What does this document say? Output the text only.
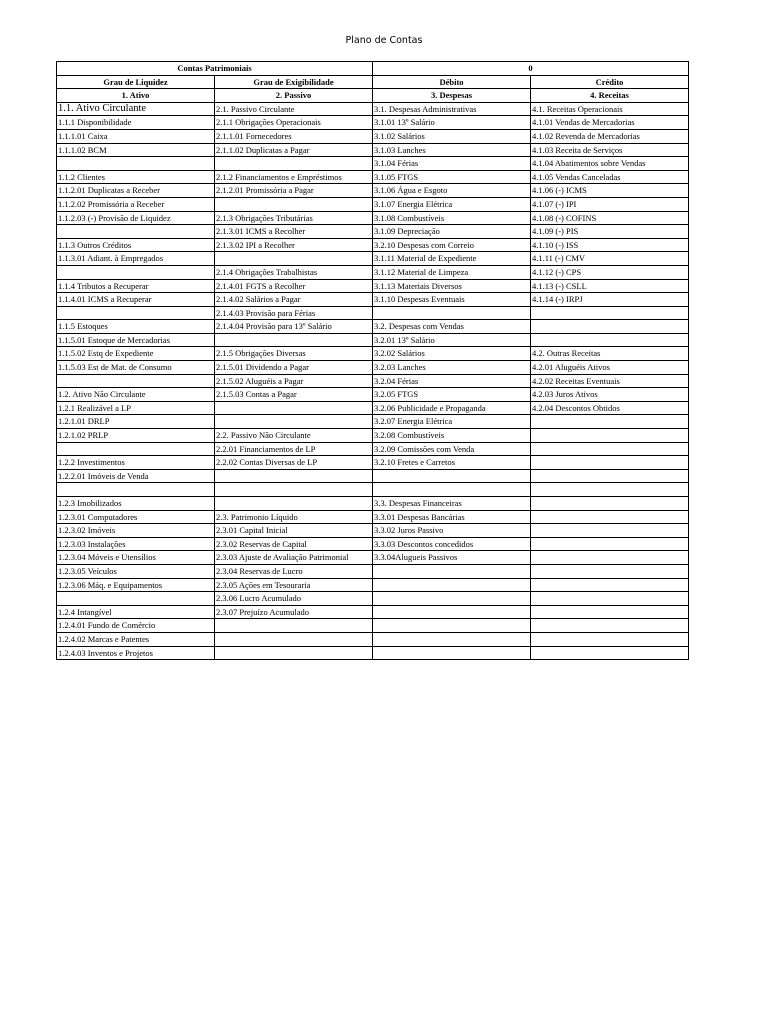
Plano de Contas
Contas Patrimoniais		0	
Grau de Liquidez	Grau de Exigibilidade	Débito	Crédito
1. Ativo	2. Passivo	3. Despesas	4. Receitas
1.1. Ativo Circulante	2.1. Passivo Circulante	3.1. Despesas Administrativas	4.1. Receitas Operacionais
1.1.1 Disponibilidade	2.1.1 Obrigações Operacionais	3.1.01 13º Salário	4.1.01 Vendas de Mercadorias
1.1.1.01 Caixa	2.1.1.01 Fornecedores	3.1.02 Salários	4.1.02 Revenda de Mercadorias
1.1.1.02 BCM	2.1.1.02 Duplicatas a Pagar	3.1.03 Lanches	4.1.03 Receita de Serviços
		3.1.04 Férias	4.1.04 Abatimentos sobre Vendas
1.1.2 Clientes	2.1.2 Financiamentos e Empréstimos	3.1.05 FTGS	4.1.05 Vendas Canceladas
1.1.2.01 Duplicatas a Receber	2.1.2.01 Promissória a Pagar	3.1.06 Água e Esgoto	4.1.06 (-) ICMS
1.1.2.02 Promissória a Receber		3.1.07 Energia Elétrica	4.1.07 (-) IPI
1.1.2.03 (-) Provisão de Liquidez	2.1.3 Obrigações Tributárias	3.1.08 Combustíveis	4.1.08 (-) COFINS
	2.1.3.01 ICMS a Recolher	3.1.09 Depreciação	4.1.09 (-) PIS
1.1.3 Outros Créditos	2.1.3.02 IPI a Recolher	3.2.10 Despesas com Correio	4.1.10 (-) ISS
1.1.3.01 Adiant. à Empregados		3.1.11 Material de Expediente	4.1.11 (-) CMV
	2.1.4 Obrigações Trabalhistas	3.1.12 Material de Limpeza	4.1.12 (-) CPS
1.1.4 Tributos a Recuperar	2.1.4.01 FGTS a Recolher	3.1.13 Materiais Diversos	4.1.13 (-) CSLL
1.1.4.01 ICMS a Recuperar	2.1.4.02 Salários a Pagar	3.1.10 Despesas Eventuais	4.1.14 (-) IRPJ
	2.1.4.03 Provisão para Férias		
1.1.5 Estoques	2.1.4.04 Provisão para 13º Salário	3.2. Despesas com Vendas	
1.1.5.01 Estoque de Mercadorias		3.2.01 13º Salário	
1.1.5.02 Estq de Expediente	2.1.5 Obrigações Diversas	3.2.02 Salários	4.2. Outras Receitas
1.1.5.03 Est de Mat. de Consumo	2.1.5.01 Dividendo a Pagar	3.2.03 Lanches	4.2.01 Aluguéis Ativos
	2.1.5.02 Aluguéis a Pagar	3.2.04 Férias	4.2.02 Receitas Eventuais
1.2. Ativo Não Circulante	2.1.5.03 Contas a Pagar	3.2.05 FTGS	4.2.03 Juros Ativos
1.2.1 Realizável a LP		3.2.06 Publicidade e Propaganda	4.2.04 Descontos Obtidos
1.2.1.01 DRLP		3.2.07 Energia Elétrica	
1.2.1.02 PRLP	2.2. Passivo Não Circulante	3.2.08 Combustíveis	
	2.2.01 Financiamentos de LP	3.2.09 Comissões com Venda	
1.2.2 Investimentos	2.2.02 Contas Diversas de LP	3.2.10 Fretes e Carretos	
1.2.2.01 Imóveis de Venda			

1.2.3 Imobilizados		3.3. Despesas Financeiras	
1.2.3.01 Computadores	2.3. Patrimonio Líquido	3.3.01 Despesas Bancárias	
1.2.3.02 Imóveis	2.3.01 Capital Inicial	3.3.02 Juros Passivo	
1.2.3.03 Instalações	2.3.02 Reservas de Capital	3.3.03 Descontos concedidos	
1.2.3.04 Móveis e Utensílios	2.3.03 Ajuste de Avaliação Patrimonial	3.3.04Alugueis Passivos	
1.2.3.05 Veículos	2.3.04 Reservas de Lucro		
1.2.3.06 Máq. e Equipamentos	2.3.05 Ações em Tesouraria		
	2.3.06 Lucro Acumulado		
1.2.4 Intangível	2.3.07 Prejuízo Acumulado		
1.2.4.01 Fundo de Comércio			
1.2.4.02 Marcas e Patentes			
1.2.4.03 Inventos e Projetos			
